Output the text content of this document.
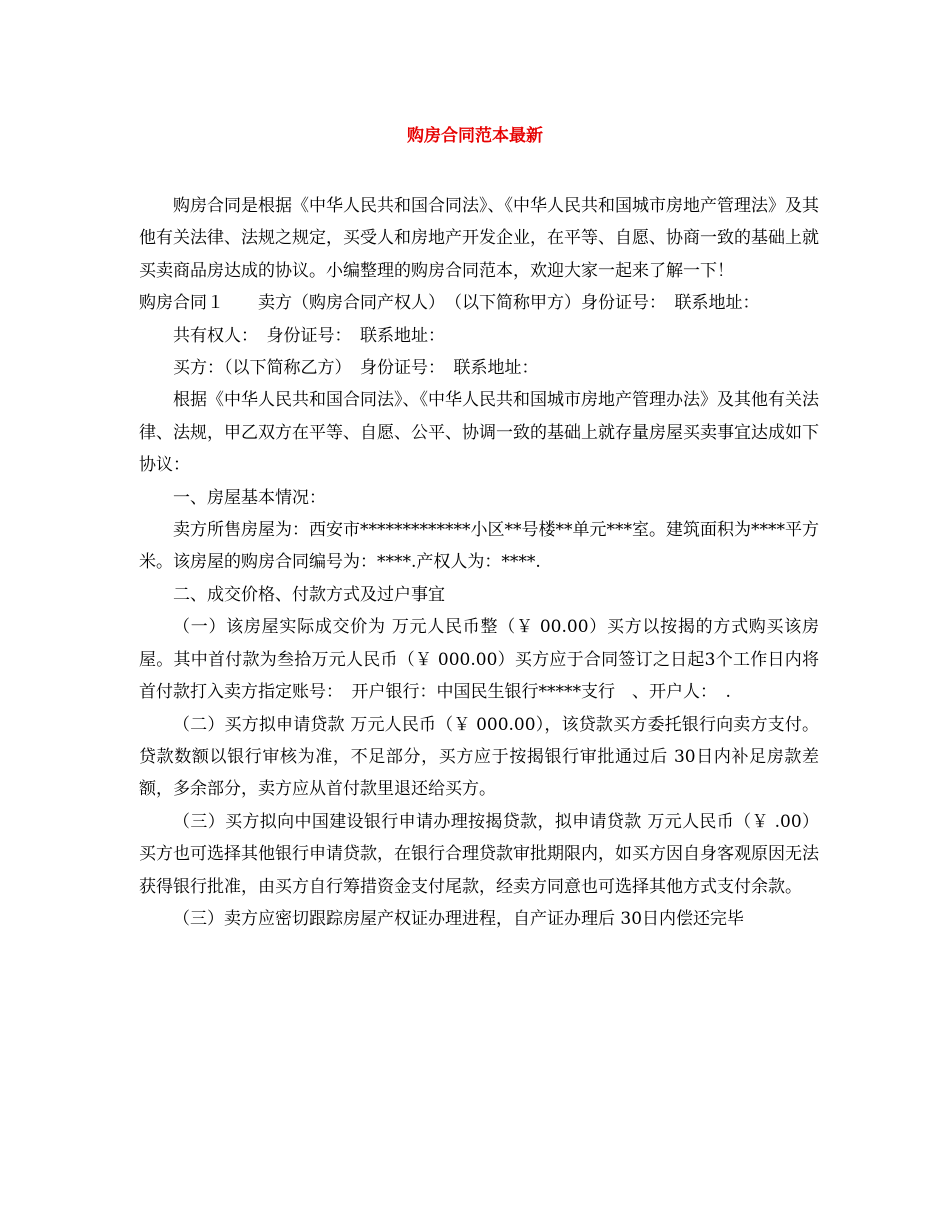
购房合同范本最新

购房合同是根据《中华人民共和国合同法》、《中华人民共和国城市房地产管理法》及其他有关法律、法规之规定，买受人和房地产开发企业，在平等、自愿、协商一致的基础上就买卖商品房达成的协议。小编整理的购房合同范本，欢迎大家一起来了解一下！

购房合同１　　卖方（购房合同产权人）　（以下简称甲方）身份证号：　联系地址：

共有权人：　身份证号：　联系地址：

买方：（以下简称乙方）　身份证号：　联系地址：

根据《中华人民共和国合同法》、《中华人民共和国城市房地产管理办法》及其他有关法律、法规，甲乙双方在平等、自愿、公平、协调一致的基础上就存量房屋买卖事宜达成如下协议：

一、房屋基本情况：

卖方所售房屋为：西安市*************小区**号楼**单元***室。建筑面积为****平方米。该房屋的购房合同编号为：****.产权人为：****.

二、成交价格、付款方式及过户事宜

（一）该房屋实际成交价为 万元人民币整（￥ 00.00）买方以按揭的方式购买该房屋。其中首付款为叁拾万元人民币（￥ 000.00）买方应于合同签订之日起3个工作日内将首付款打入卖方指定账号：　开户银行：中国民生银行*****支行　、开户人：　.

（二）买方拟申请贷款 万元人民币（￥ 000.00），该贷款买方委托银行向卖方支付。贷款数额以银行审核为准，不足部分，买方应于按揭银行审批通过后 30日内补足房款差额，多余部分，卖方应从首付款里退还给买方。

（三）买方拟向中国建设银行申请办理按揭贷款，拟申请贷款 万元人民币（￥ .00）买方也可选择其他银行申请贷款，在银行合理贷款审批期限内，如买方因自身客观原因无法获得银行批准，由买方自行筹措资金支付尾款，经卖方同意也可选择其他方式支付余款。

（三）卖方应密切跟踪房屋产权证办理进程，自产证办理后 30日内偿还完毕
